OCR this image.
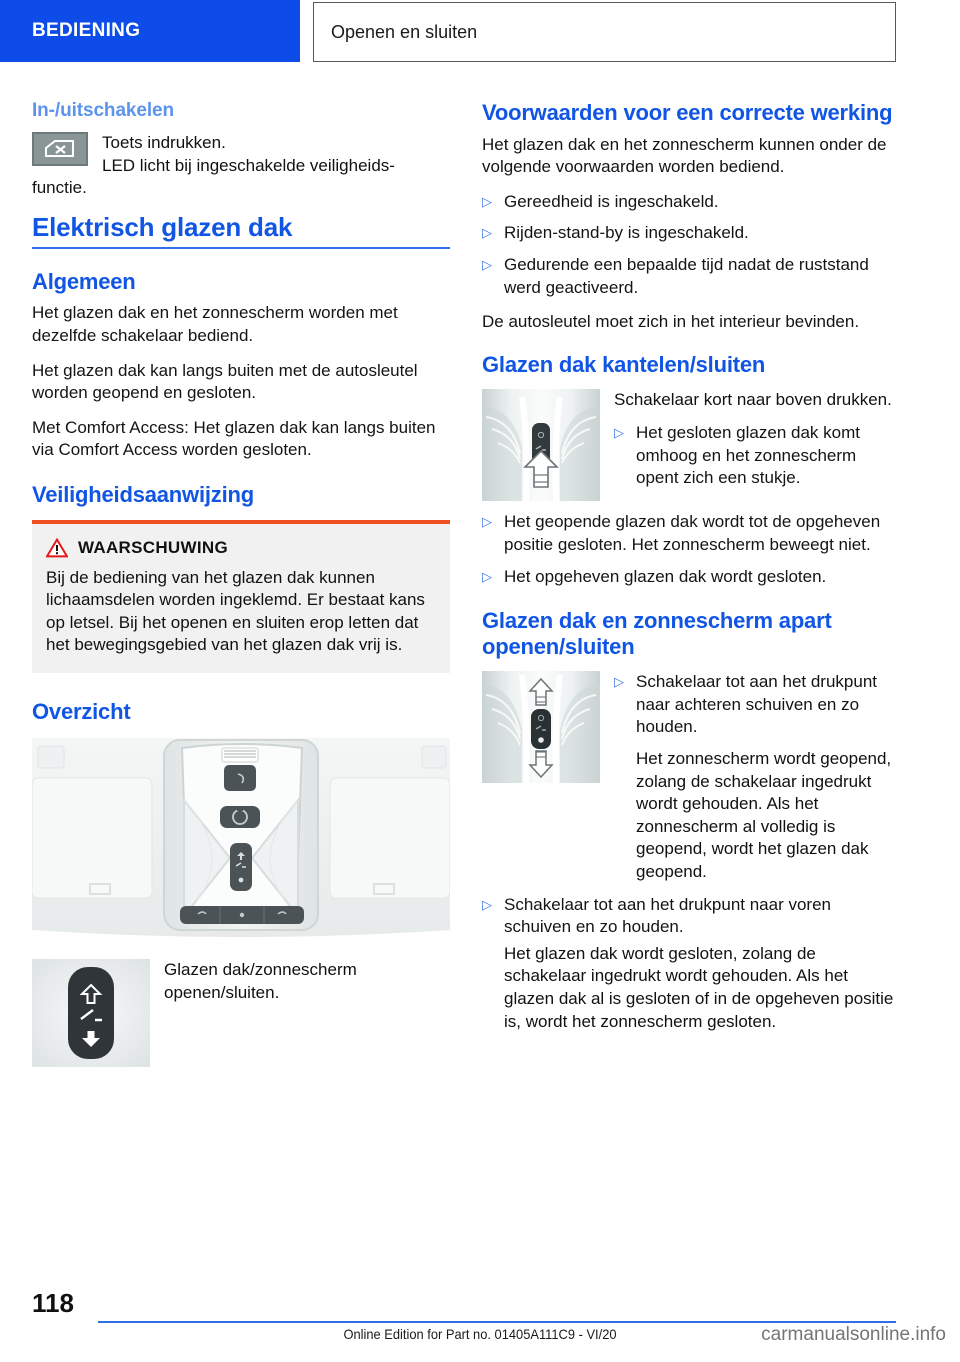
BEDIENING	Openen en sluiten
In-/uitschakelen
Toets indrukken.
LED licht bij ingeschakelde veiligheids-

functie.

Elektrisch glazen dak
Algemeen

Het glazen dak en het zonnescherm worden met dezelfde schakelaar bediend.

Het glazen dak kan langs buiten met de autosleutel worden geopend en gesloten.

Met Comfort Access: Het glazen dak kan langs buiten via Comfort Access worden gesloten.

Veiligheidsaanwijzing
WAARSCHUWING

Bij de bediening van het glazen dak kunnen lichaamsdelen worden ingeklemd. Er bestaat kans op letsel. Bij het openen en sluiten erop letten dat het bewegingsgebied van het glazen dak vrij is.

Overzicht
Glazen dak/zonnescherm openen/sluiten.
Voorwaarden voor een correcte werking

Het glazen dak en het zonnescherm kunnen onder de volgende voorwaarden worden bediend.

▷ Gereedheid is ingeschakeld.
▷ Rijden-stand-by is ingeschakeld.
▷ Gedurende een bepaalde tijd nadat de ruststand werd geactiveerd.

De autosleutel moet zich in het interieur bevinden.

Glazen dak kantelen/sluiten
Schakelaar kort naar boven drukken.
▷ Het gesloten glazen dak komt omhoog en het zonnescherm opent zich een stukje.
▷ Het geopende glazen dak wordt tot de opgeheven positie gesloten. Het zonnescherm beweegt niet.
▷ Het opgeheven glazen dak wordt gesloten.
Glazen dak en zonnescherm apart openen/sluiten
▷ Schakelaar tot aan het drukpunt naar achteren schuiven en zo houden.
Het zonnescherm wordt geopend, zolang de schakelaar ingedrukt wordt gehouden. Als het zonnescherm al volledig is geopend, wordt het glazen dak geopend.
▷ Schakelaar tot aan het drukpunt naar voren schuiven en zo houden.
Het glazen dak wordt gesloten, zolang de schakelaar ingedrukt wordt gehouden. Als het glazen dak al is gesloten of in de opgeheven positie is, wordt het zonnescherm gesloten.
118
Online Edition for Part no. 01405A111C9 - VI/20	carmanualsonline.info
